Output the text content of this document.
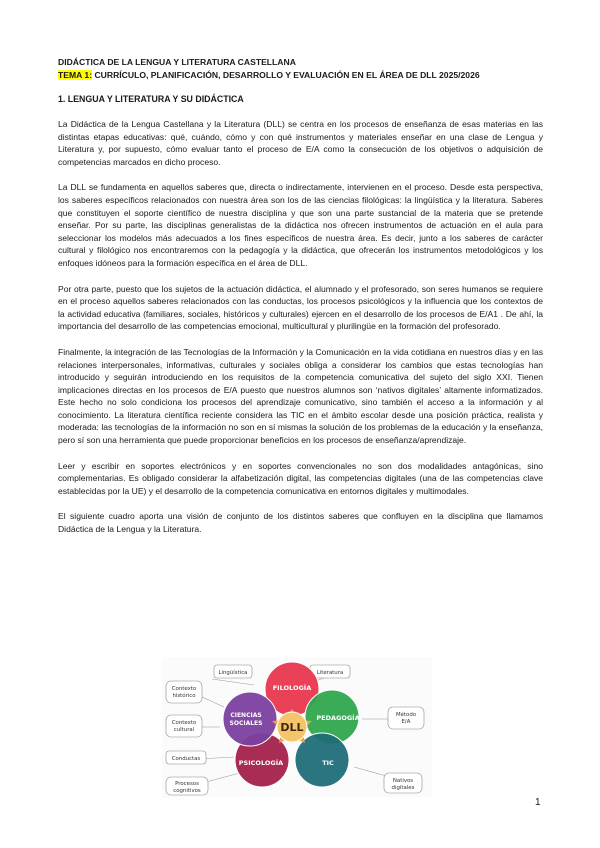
DIDÁCTICA DE LA LENGUA Y LITERATURA CASTELLANA
TEMA 1: CURRÍCULO, PLANIFICACIÓN, DESARROLLO Y EVALUACIÓN EN EL ÁREA DE DLL 2025/2026
1. LENGUA Y LITERATURA Y SU DIDÁCTICA

La Didáctica de la Lengua Castellana y la Literatura (DLL) se centra en los procesos de enseñanza de esas materias en las distintas etapas educativas: qué, cuándo, cómo y con qué instrumentos y materiales enseñar en una clase de Lengua y Literatura y, por supuesto, cómo evaluar tanto el proceso de E/A como la consecución de los objetivos o adquisición de competencias marcados en dicho proceso.

La DLL se fundamenta en aquellos saberes que, directa o indirectamente, intervienen en el proceso. Desde esta perspectiva, los saberes específicos relacionados con nuestra área son los de las ciencias filológicas: la lingüística y la literatura. Saberes que constituyen el soporte científico de nuestra disciplina y que son una parte sustancial de la materia que se pretende enseñar. Por su parte, las disciplinas generalistas de la didáctica nos ofrecen instrumentos de actuación en el aula para seleccionar los modelos más adecuados a los fines específicos de nuestra área. Es decir, junto a los saberes de carácter cultural y filológico nos encontraremos con la pedagogía y la didáctica, que ofrecerán los instrumentos metodológicos y los enfoques idóneos para la formación específica en el área de DLL.

Por otra parte, puesto que los sujetos de la actuación didáctica, el alumnado y el profesorado, son seres humanos se requiere en el proceso aquellos saberes relacionados con las conductas, los procesos psicológicos y la influencia que los contextos de la actividad educativa (familiares, sociales, históricos y culturales) ejercen en el desarrollo de los procesos de E/A1 . De ahí, la importancia del desarrollo de las competencias emocional, multicultural y plurilingüe en la formación del profesorado.

Finalmente, la integración de las Tecnologías de la Información y la Comunicación en la vida cotidiana en nuestros días y en las relaciones interpersonales, informativas, culturales y sociales obliga a considerar los cambios que estas tecnologías han introducido y seguirán introduciendo en los requisitos de la competencia comunicativa del sujeto del siglo XXI. Tienen implicaciones directas en los procesos de E/A puesto que nuestros alumnos son ‘nativos digitales’ altamente informatizados. Este hecho no solo condiciona los procesos del aprendizaje comunicativo, sino también el acceso a la información y al conocimiento. La literatura científica reciente considera las TIC en el ámbito escolar desde una posición práctica, realista y moderada: las tecnologías de la información no son en sí mismas la solución de los problemas de la educación y la enseñanza, pero sí son una herramienta que puede proporcionar beneficios en los procesos de enseñanza/aprendizaje.

Leer y escribir en soportes electrónicos y en soportes convencionales no son dos modalidades antagónicas, sino complementarias. Es obligado considerar la alfabetización digital, las competencias digitales (una de las competencias clave establecidas por la UE) y el desarrollo de la competencia comunicativa en entornos digitales y multimodales.

El siguiente cuadro aporta una visión de conjunto de los distintos saberes que confluyen en la disciplina que llamamos Didáctica de la Lengua y la Literatura.

Lingüística	Literatura
Contexto
histórico
Método
E/A
Contexto
cultural
Conductas
Nativos
digitales
Procesos
cognitivos
FILOLOGÍA
PEDAGOGÍA
TIC
PSICOLOGÍA
CIENCIAS
SOCIALES DLL
1
